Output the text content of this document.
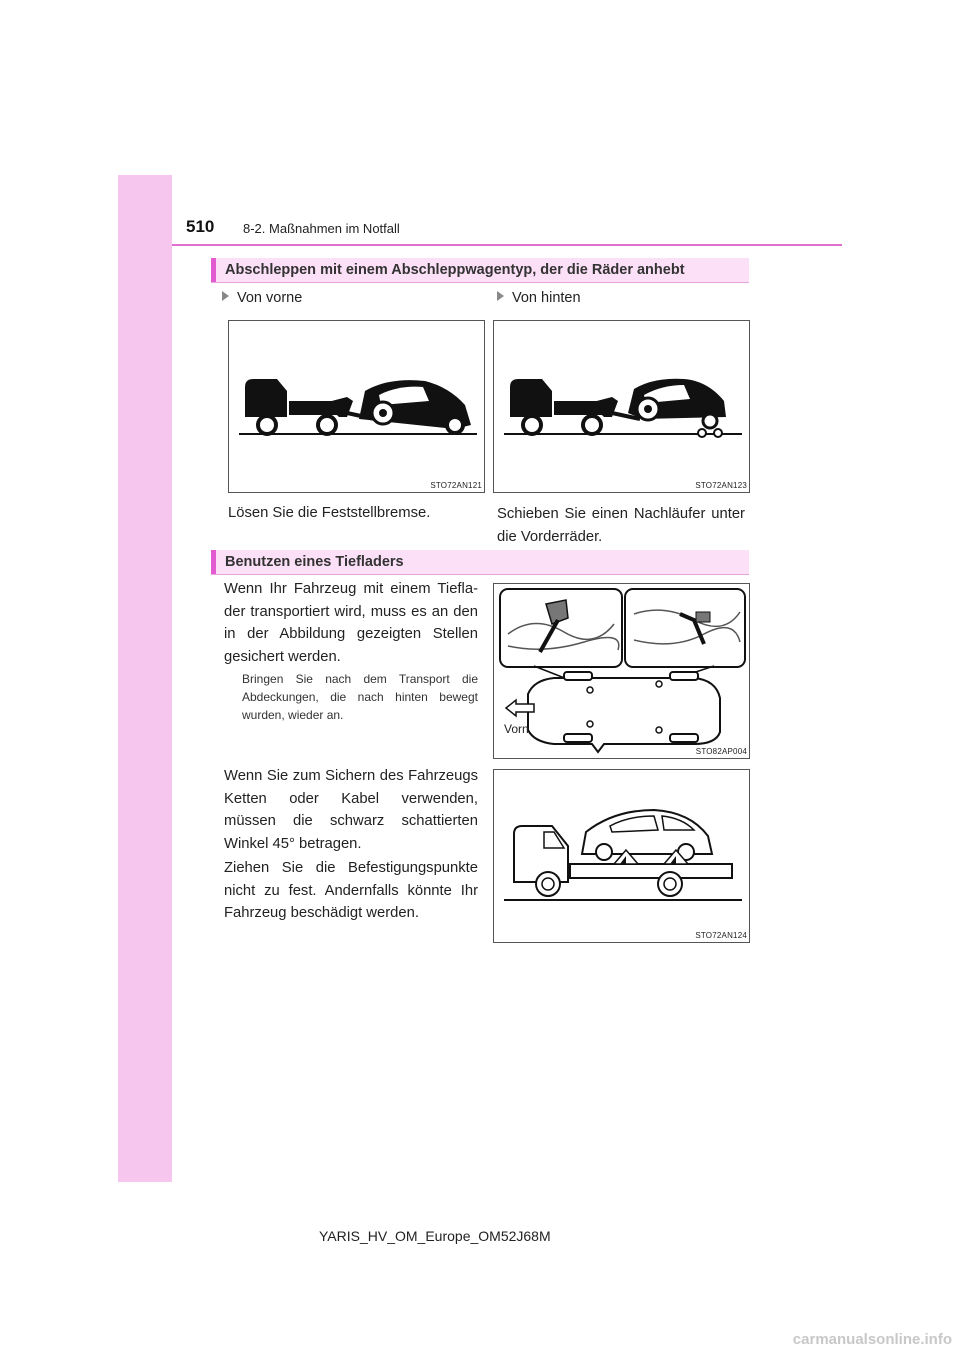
510 8-2. Maßnahmen im Notfall
Abschleppen mit einem Abschleppwagentyp, der die Räder anhebt
Von vorne	Von hinten
STO72AN121	STO72AN123
Lösen Sie die Feststellbremse.	Schieben Sie einen Nachläufer unter die Vorderräder.
Benutzen eines Tiefladers
Wenn Ihr Fahrzeug mit einem Tieflader transportiert wird, muss es an den in der Abbildung gezeigten Stellen gesichert werden.
Bringen Sie nach dem Transport die Abdeckungen, die nach hinten bewegt wurden, wieder an.
Wenn Sie zum Sichern des Fahrzeugs Ketten oder Kabel verwenden, müssen die schwarz schattierten Winkel 45° betragen.
Ziehen Sie die Befestigungspunkte nicht zu fest. Andernfalls könnte Ihr Fahrzeug beschädigt werden.
Vorn
STO82AP004
STO72AN124
YARIS_HV_OM_Europe_OM52J68M
carmanualsonline.info
